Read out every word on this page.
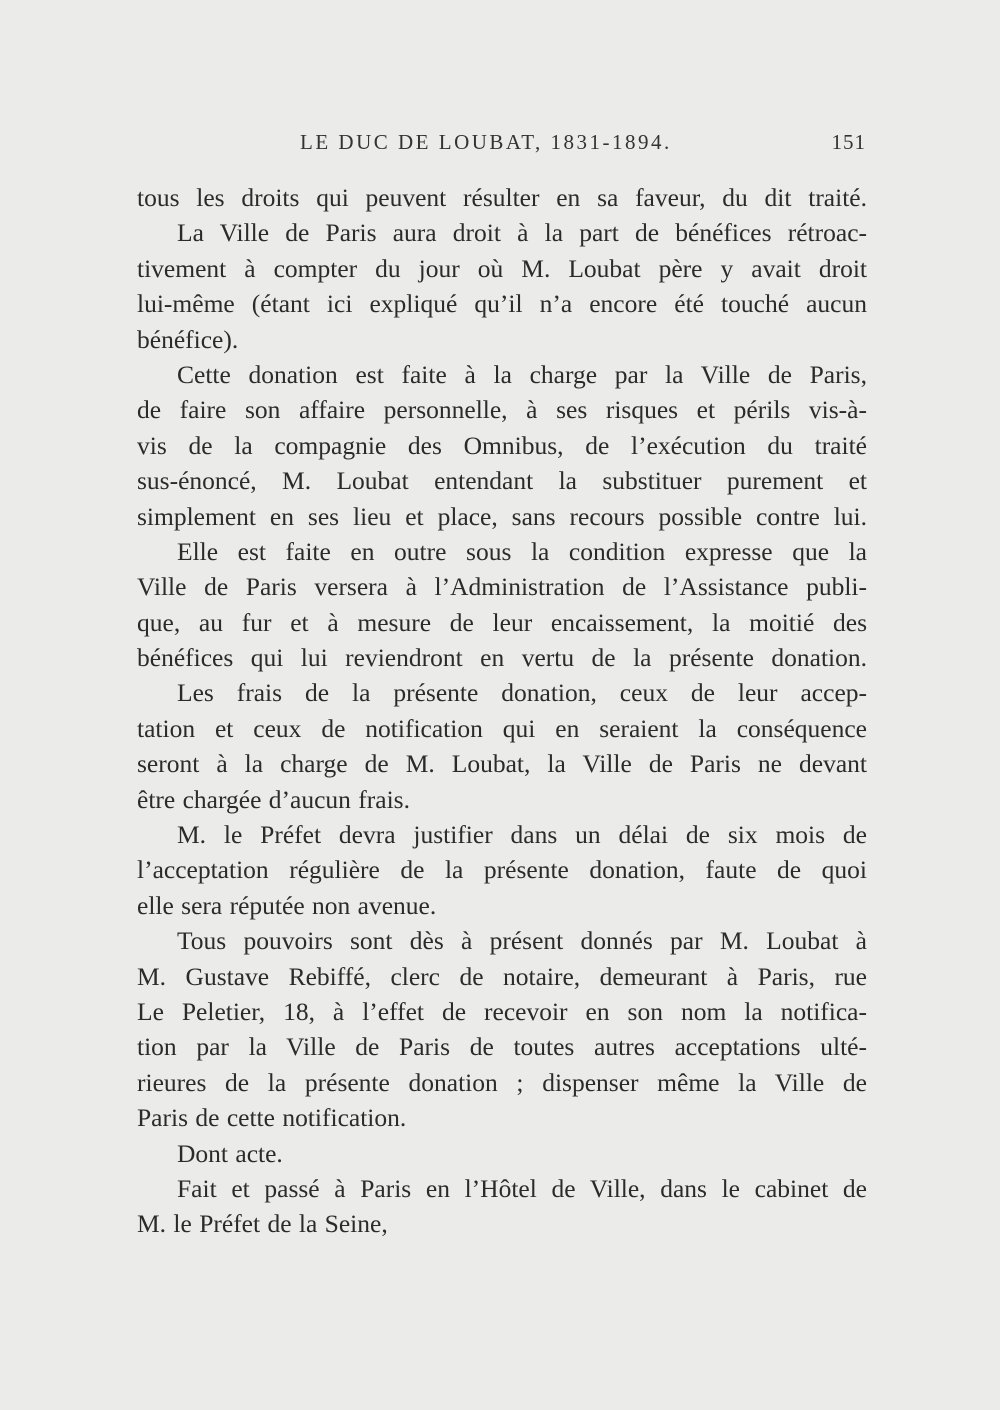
LE DUC DE LOUBAT, 1831-1894.	151
tous les droits qui peuvent résulter en sa faveur, du dit traité.
La Ville de Paris aura droit à la part de bénéfices rétroac-
tivement à compter du jour où M. Loubat père y avait droit
lui-même (étant ici expliqué qu’il n’a encore été touché aucun
bénéfice).
Cette donation est faite à la charge par la Ville de Paris,
de faire son affaire personnelle, à ses risques et périls vis-à-
vis de la compagnie des Omnibus, de l’exécution du traité
sus-énoncé, M. Loubat entendant la substituer purement et
simplement en ses lieu et place, sans recours possible contre lui.
Elle est faite en outre sous la condition expresse que la
Ville de Paris versera à l’Administration de l’Assistance publi-
que, au fur et à mesure de leur encaissement, la moitié des
bénéfices qui lui reviendront en vertu de la présente donation.
Les frais de la présente donation, ceux de leur accep-
tation et ceux de notification qui en seraient la conséquence
seront à la charge de M. Loubat, la Ville de Paris ne devant
être chargée d’aucun frais.
M. le Préfet devra justifier dans un délai de six mois de
l’acceptation régulière de la présente donation, faute de quoi
elle sera réputée non avenue.
Tous pouvoirs sont dès à présent donnés par M. Loubat à
M. Gustave Rebiffé, clerc de notaire, demeurant à Paris, rue
Le Peletier, 18, à l’effet de recevoir en son nom la notifica-
tion par la Ville de Paris de toutes autres acceptations ulté-
rieures de la présente donation ; dispenser même la Ville de
Paris de cette notification.
Dont acte.
Fait et passé à Paris en l’Hôtel de Ville, dans le cabinet de
M. le Préfet de la Seine,
